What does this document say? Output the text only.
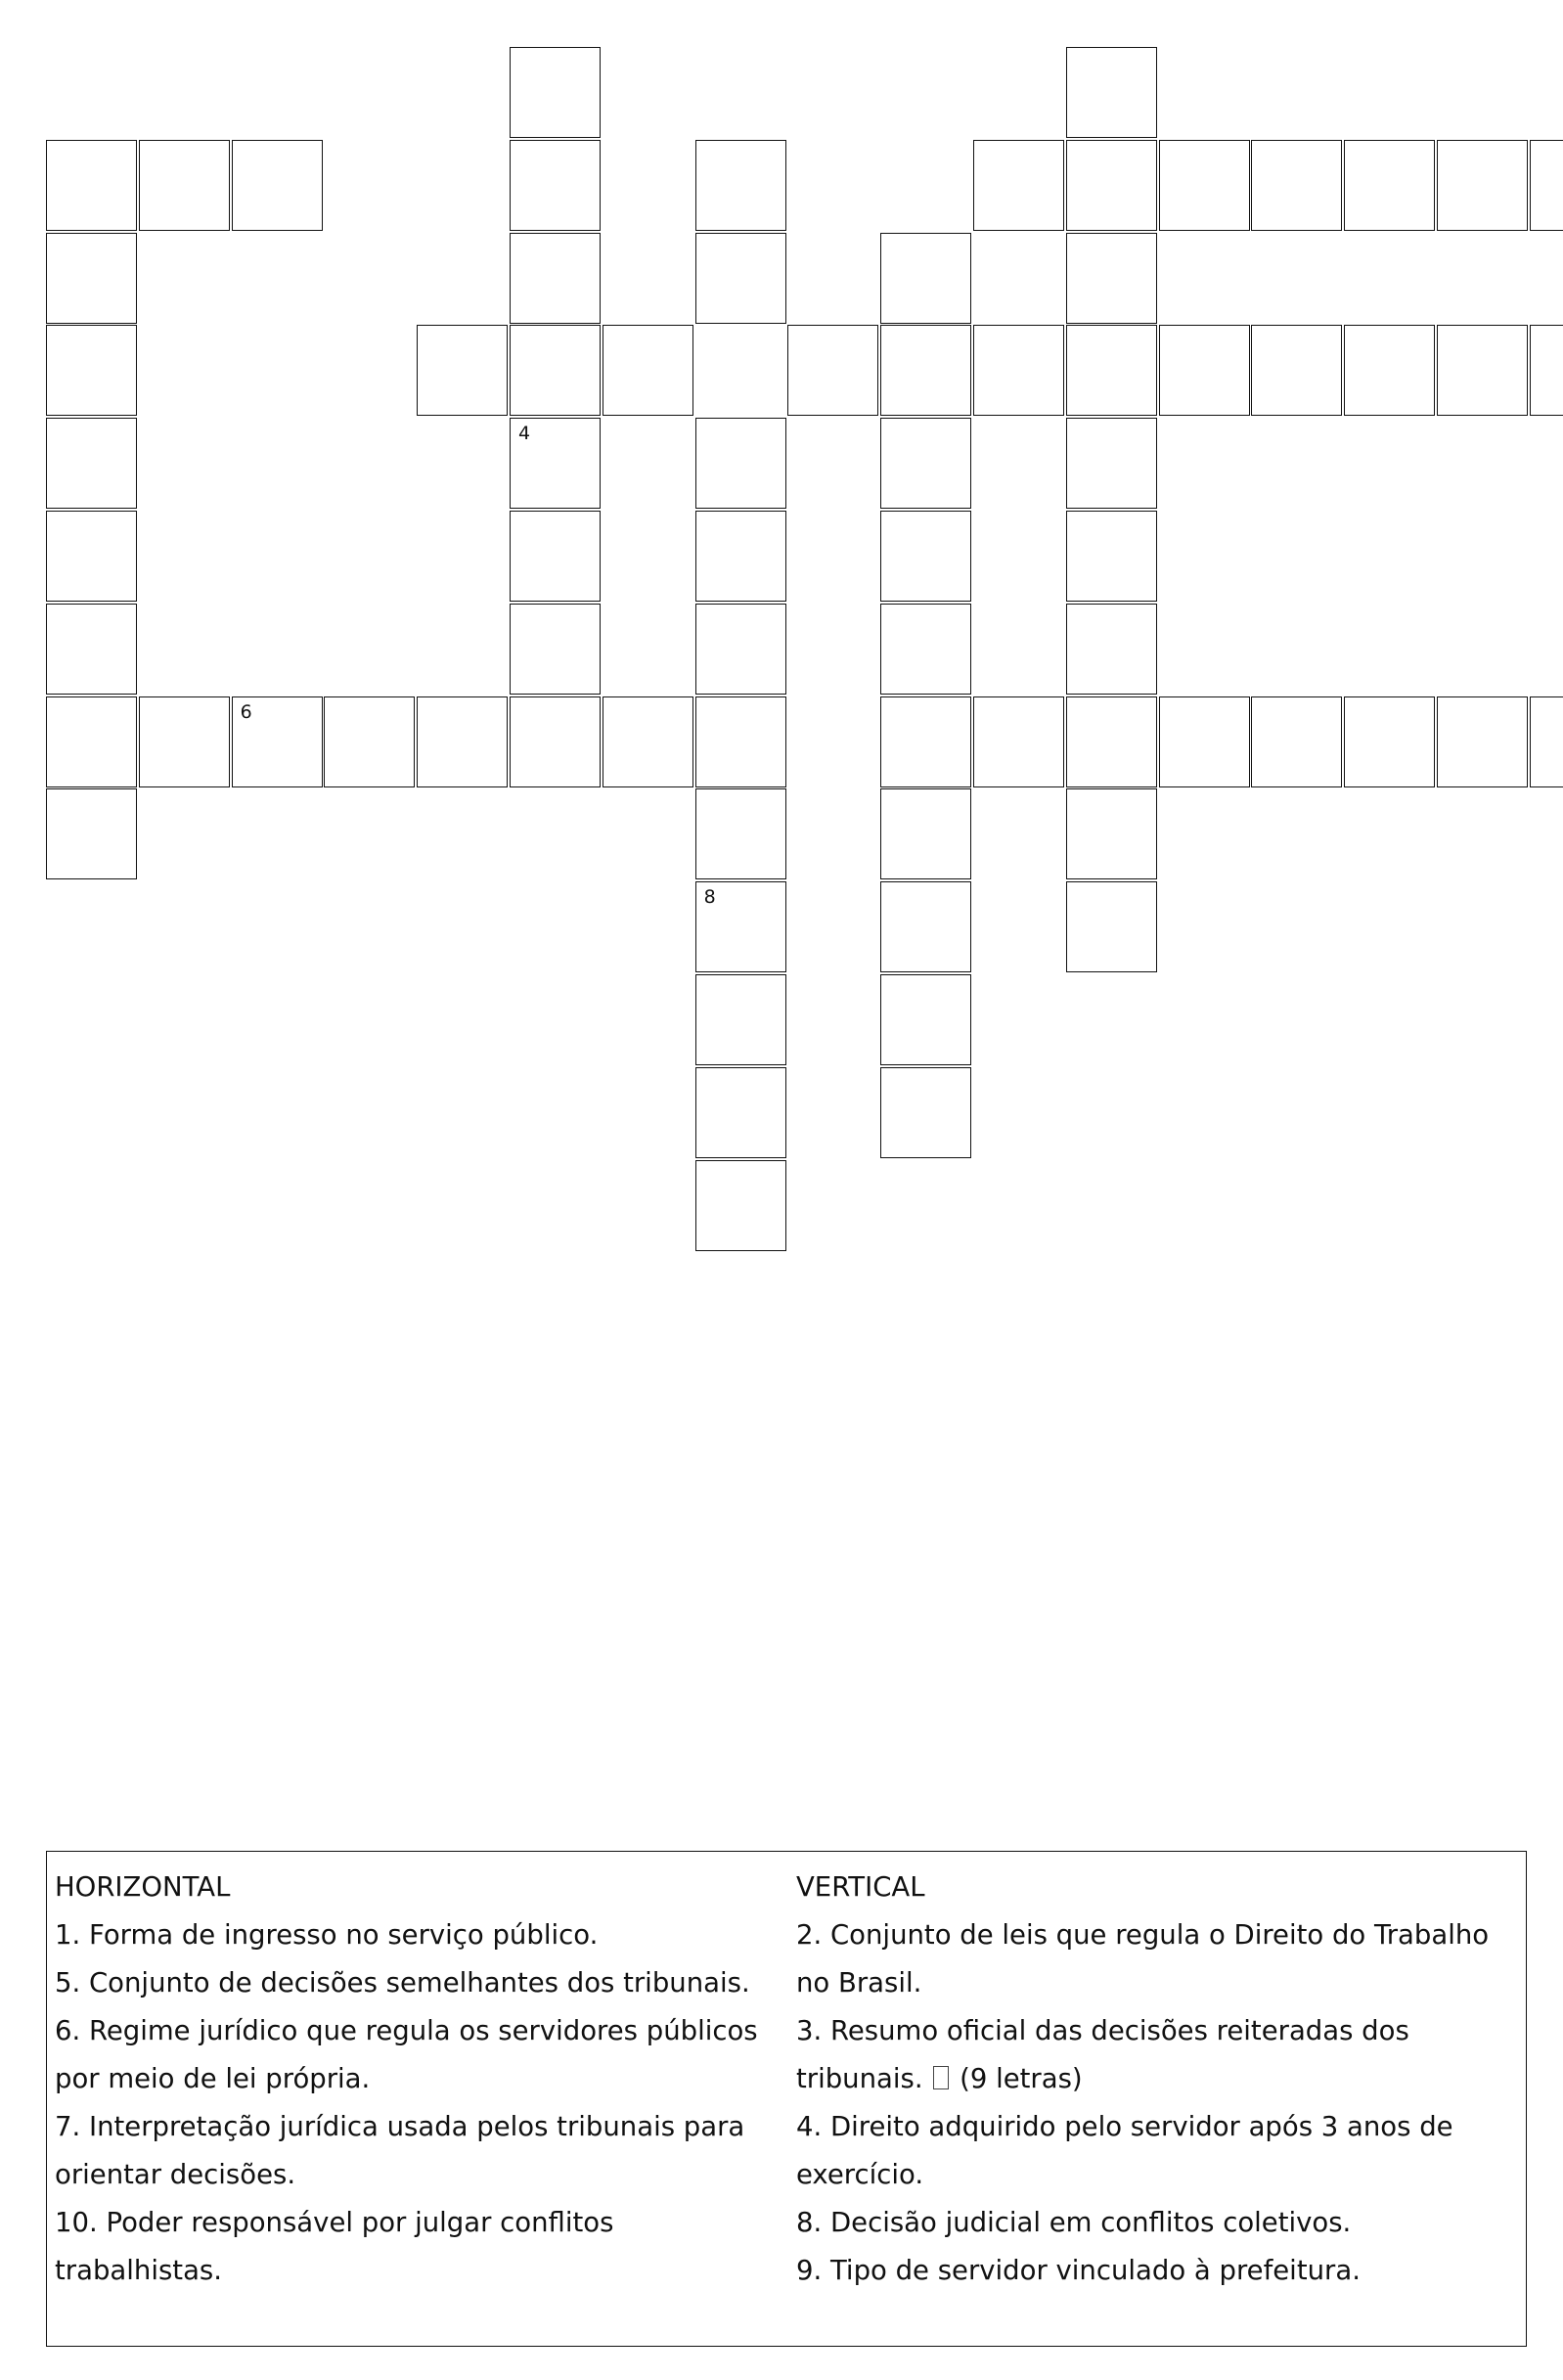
6
4
8
HORIZONTAL
1. Forma de ingresso no serviço público.
5. Conjunto de decisões semelhantes dos tribunais.
6. Regime jurídico que regula os servidores públicos por meio de lei própria.
7. Interpretação jurídica usada pelos tribunais para orientar decisões.
10. Poder responsável por julgar conflitos trabalhistas.
VERTICAL
2. Conjunto de leis que regula o Direito do Trabalho no Brasil.
3. Resumo oficial das decisões reiteradas dos tribunais. (9 letras)
4. Direito adquirido pelo servidor após 3 anos de exercício.
8. Decisão judicial em conflitos coletivos.
9. Tipo de servidor vinculado à prefeitura.
